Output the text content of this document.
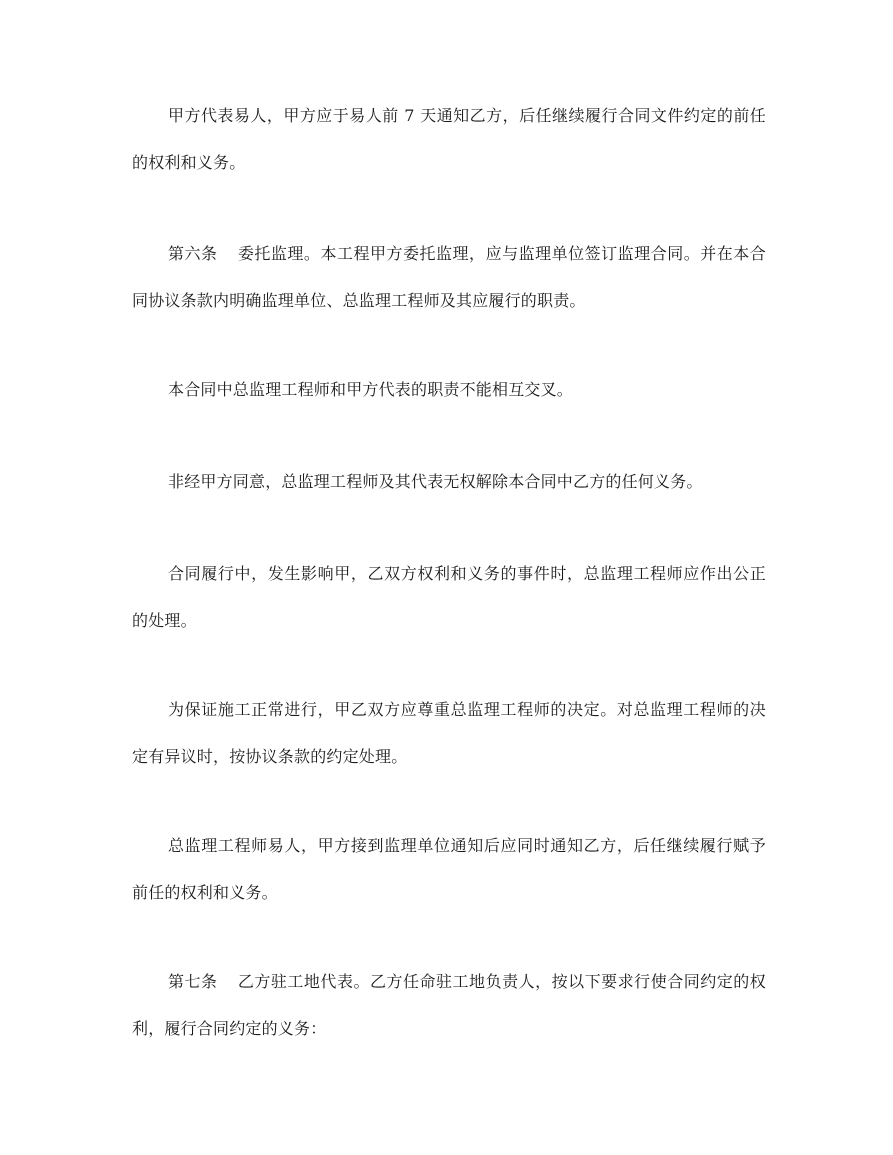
甲方代表易人，甲方应于易人前 7 天通知乙方，后任继续履行合同文件约定的前任的权利和义务。

第六条 委托监理。本工程甲方委托监理，应与监理单位签订监理合同。并在本合同协议条款内明确监理单位、总监理工程师及其应履行的职责。

本合同中总监理工程师和甲方代表的职责不能相互交叉。

非经甲方同意，总监理工程师及其代表无权解除本合同中乙方的任何义务。

合同履行中，发生影响甲，乙双方权利和义务的事件时，总监理工程师应作出公正的处理。

为保证施工正常进行，甲乙双方应尊重总监理工程师的决定。对总监理工程师的决定有异议时，按协议条款的约定处理。

总监理工程师易人，甲方接到监理单位通知后应同时通知乙方，后任继续履行赋予前任的权利和义务。

第七条 乙方驻工地代表。乙方任命驻工地负责人，按以下要求行使合同约定的权利，履行合同约定的义务：
